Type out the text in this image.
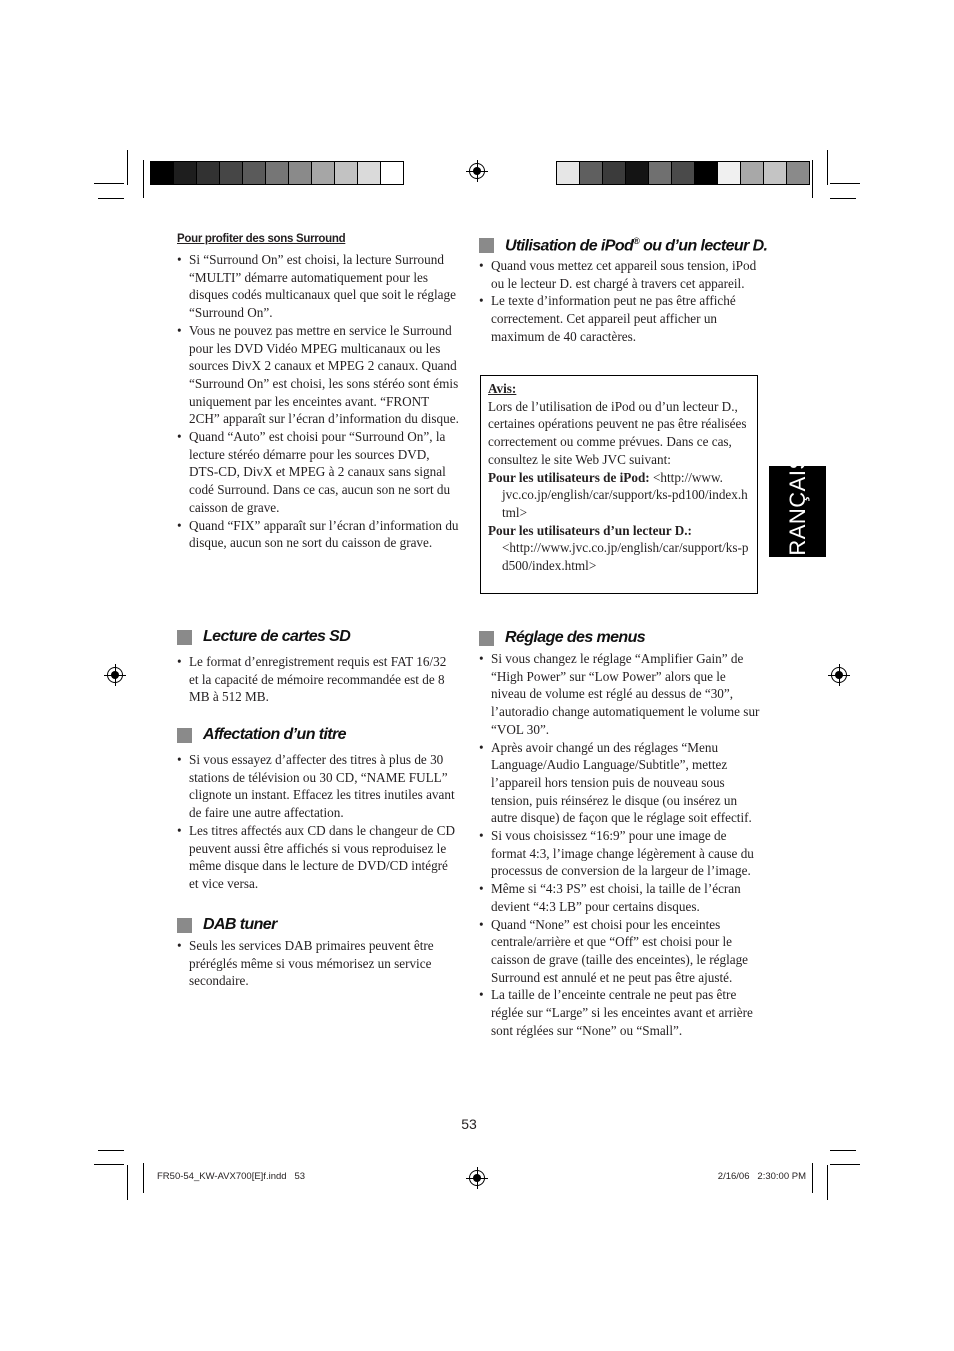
Pour profiter des sons Surround
• Si “Surround On” est choisi, la lecture Surround “MULTI” démarre automatiquement pour les disques codés multicanaux quel que soit le réglage “Surround On”.
• Vous ne pouvez pas mettre en service le Surround pour les DVD Vidéo MPEG multicanaux ou les sources DivX 2 canaux et MPEG 2 canaux. Quand “Surround On” est choisi, les sons stéréo sont émis uniquement par les enceintes avant. “FRONT 2CH” apparaît sur l’écran d’information du disque.
• Quand “Auto” est choisi pour “Surround On”, la lecture stéréo démarre pour les sources DVD, DTS-CD, DivX et MPEG à 2 canaux sans signal codé Surround. Dans ce cas, aucun son ne sort du caisson de grave.
• Quand “FIX” apparaît sur l’écran d’information du disque, aucun son ne sort du caisson de grave.
Lecture de cartes SD
• Le format d’enregistrement requis est FAT 16/32 et la capacité de mémoire recommandée est de 8 MB à 512 MB.
Affectation d’un titre
• Si vous essayez d’affecter des titres à plus de 30 stations de télévision ou 30 CD, “NAME FULL” clignote un instant. Effacez les titres inutiles avant de faire une autre affectation.
• Les titres affectés aux CD dans le changeur de CD peuvent aussi être affichés si vous reproduisez le même disque dans le lecture de DVD/CD intégré et vice versa.
DAB tuner
• Seuls les services DAB primaires peuvent être préréglés même si vous mémorisez un service secondaire.
Utilisation de iPod® ou d’un lecteur D.
• Quand vous mettez cet appareil sous tension, iPod ou le lecteur D. est chargé à travers cet appareil.
• Le texte d’information peut ne pas être affiché correctement. Cet appareil peut afficher un maximum de 40 caractères.

Avis:

Lors de l’utilisation de iPod ou d’un lecteur D., certaines opérations peuvent ne pas être réalisées correctement ou comme prévues. Dans ce cas, consultez le site Web JVC suivant:

Pour les utilisateurs de iPod: <http://www.

jvc.co.jp/english/car/support/ks-pd100/index.html>

Pour les utilisateurs d’un lecteur D.:

<http://www.jvc.co.jp/english/car/support/ks-pd500/index.html>

Réglage des menus
• Si vous changez le réglage “Amplifier Gain” de “High Power” sur “Low Power” alors que le niveau de volume est réglé au dessus de “30”, l’autoradio change automatiquement le volume sur “VOL 30”.
• Après avoir changé un des réglages “Menu Language/Audio Language/Subtitle”, mettez l’appareil hors tension puis de nouveau sous tension, puis réinsérez le disque (ou insérez un autre disque) de façon que le réglage soit effectif.
• Si vous choisissez “16:9” pour une image de format 4:3, l’image change légèrement à cause du processus de conversion de la largeur de l’image.
• Même si “4:3 PS” est choisi, la taille de l’écran devient “4:3 LB” pour certains disques.
• Quand “None” est choisi pour les enceintes centrale/arrière et que “Off” est choisi pour le caisson de grave (taille des enceintes), le réglage Surround est annulé et ne peut pas être ajusté.
• La taille de l’enceinte centrale ne peut pas être réglée sur “Large” si les enceintes avant et arrière sont réglées sur “None” ou “Small”.
FRANÇAIS
53
FR50-54_KW-AVX700[E]f.indd   53	2/16/06   2:30:00 PM
